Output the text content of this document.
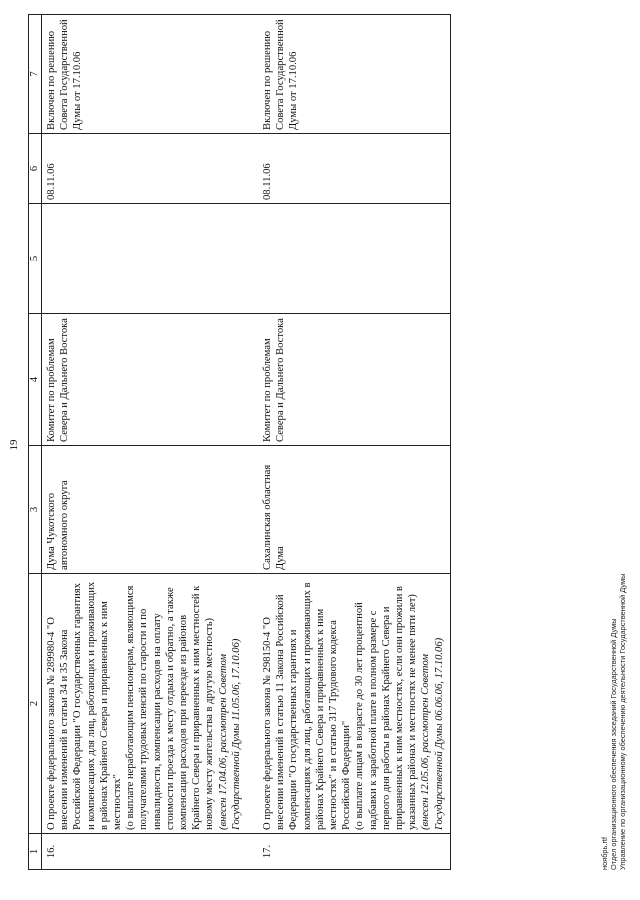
19
1	2	3	4	5	6	7
16.	О проекте федерального закона № 289980-4 "О внесении изменений в статьи 34 и 35 Закона Российской Федерации "О государственных гарантиях и компенсациях для лиц, работающих и проживающих в районах Крайнего Севера и приравненных к ним местностях" (о выплате неработающим пенсионерам, являющимся получателями трудовых пенсий по старости и по инвалидности, компенсации расходов на оплату стоимости проезда к месту отдыха и обратно, а также компенсации расходов при переезде из районов Крайнего Севера и приравненных к ним местностей к новому месту жительства в другую местность) (внесен 17.04.06, рассмотрен Советом Государственной Думы 11.05.06, 17.10.06)	Дума Чукотского автономного округа	Комитет по проблемам Севера и Дальнего Востока		08.11.06	Включен по решению Совета Государственной Думы от 17.10.06

17.	О проекте федерального закона № 298150-4 "О внесении изменений в статью 11 Закона Российской Федерации "О государственных гарантиях и компенсациях для лиц, работающих и проживающих в районах Крайнего Севера и приравненных к ним местностях" и в статью 317 Трудового кодекса Российской Федерации" (о выплате лицам в возрасте до 30 лет процентной надбавки к заработной плате в полном размере с первого дня работы в районах Крайнего Севера и приравненных к ним местностях, если они прожили в указанных районах и местностях не менее пяти лет) (внесен 12.05.06, рассмотрен Советом Государственной Думы 06.06.06, 17.10.06)	Сахалинская областная Дума	Комитет по проблемам Севера и Дальнего Востока		08.11.06	Включен по решению Совета Государственной Думы от 17.10.06
ноябрь.rtf Отдел организационного обеспечения заседаний Государственной Думы Управление по организационному обеспечению деятельности Государственной Думы
